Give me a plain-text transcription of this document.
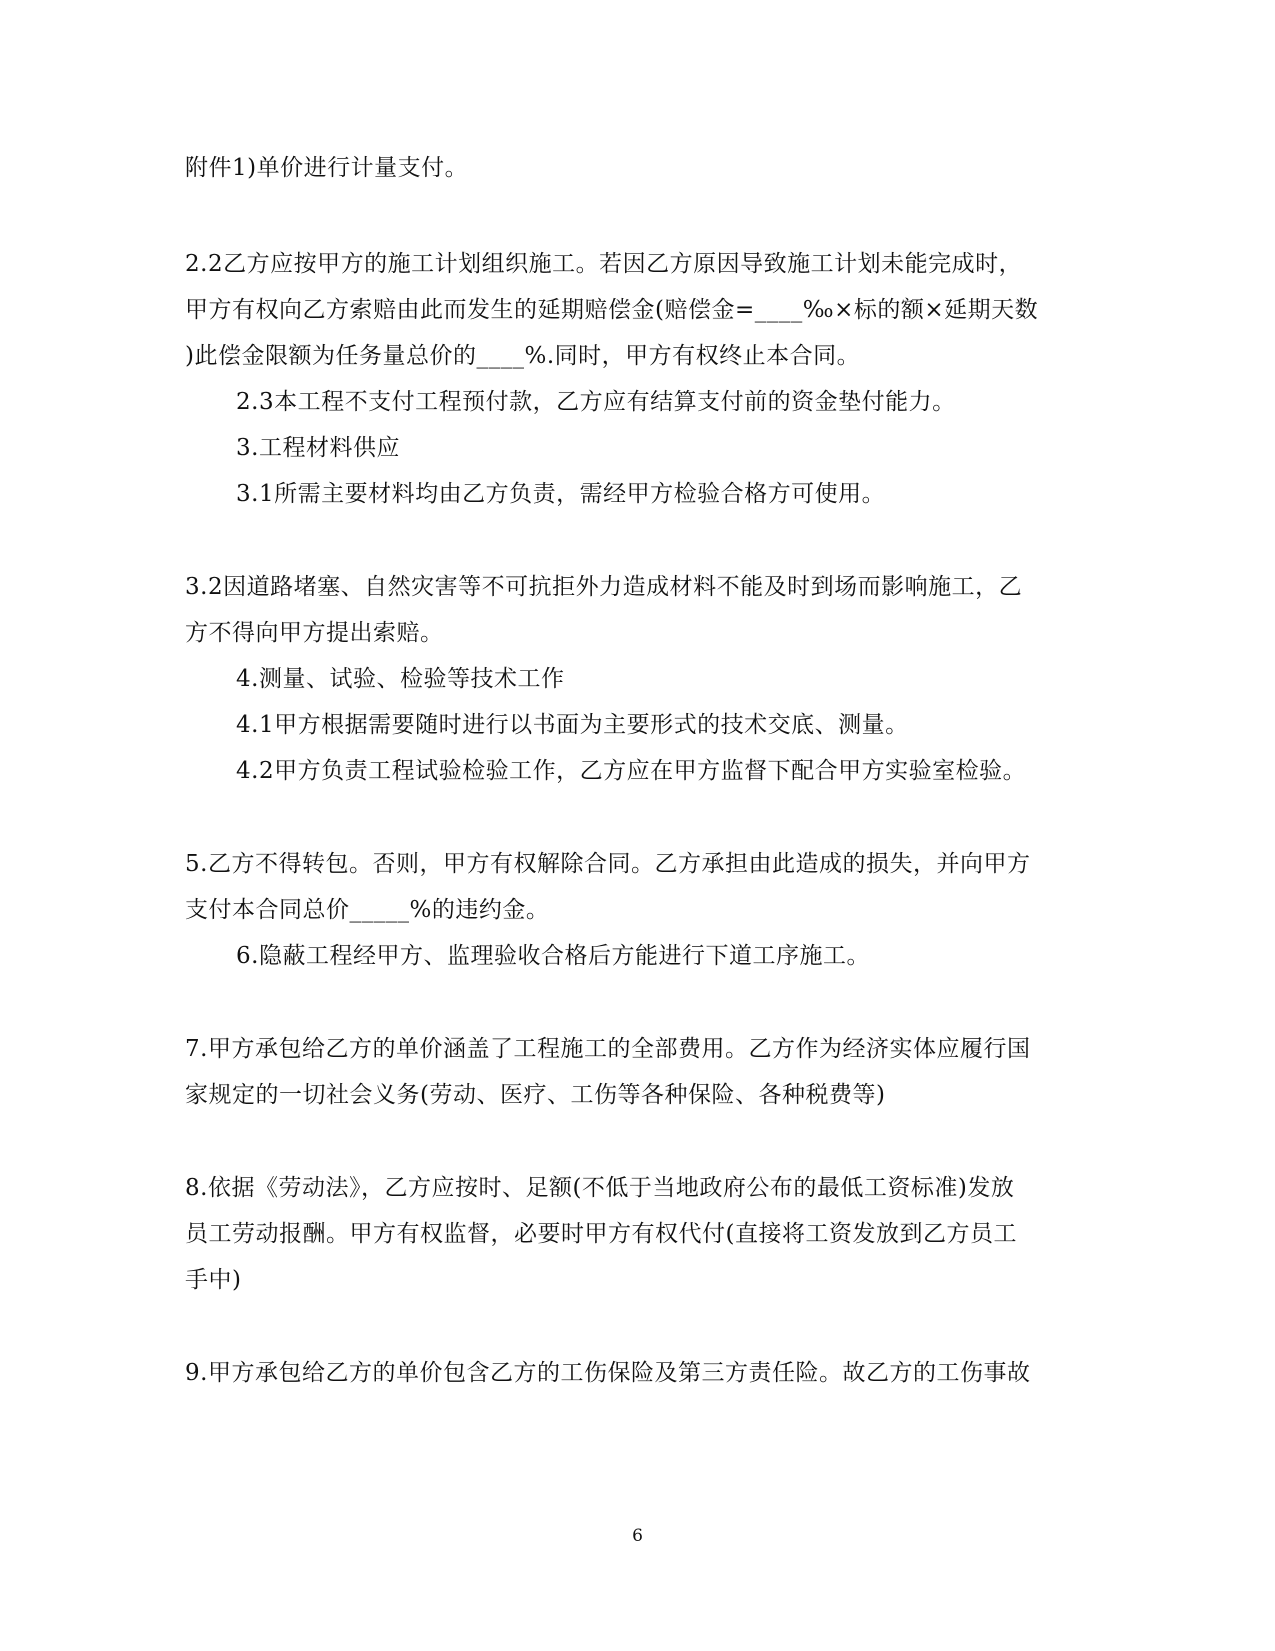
附件1)单价进行计量支付。
2.2乙方应按甲方的施工计划组织施工。若因乙方原因导致施工计划未能完成时，
甲方有权向乙方索赔由此而发生的延期赔偿金(赔偿金=____‰×标的额×延期天数
)此偿金限额为任务量总价的____%.同时，甲方有权终止本合同。
2.3本工程不支付工程预付款，乙方应有结算支付前的资金垫付能力。
3.工程材料供应
3.1所需主要材料均由乙方负责，需经甲方检验合格方可使用。
3.2因道路堵塞、自然灾害等不可抗拒外力造成材料不能及时到场而影响施工，乙
方不得向甲方提出索赔。
4.测量、试验、检验等技术工作
4.1甲方根据需要随时进行以书面为主要形式的技术交底、测量。
4.2甲方负责工程试验检验工作，乙方应在甲方监督下配合甲方实验室检验。
5.乙方不得转包。否则，甲方有权解除合同。乙方承担由此造成的损失，并向甲方
支付本合同总价_____%的违约金。
6.隐蔽工程经甲方、监理验收合格后方能进行下道工序施工。
7.甲方承包给乙方的单价涵盖了工程施工的全部费用。乙方作为经济实体应履行国
家规定的一切社会义务(劳动、医疗、工伤等各种保险、各种税费等)
8.依据《劳动法》，乙方应按时、足额(不低于当地政府公布的最低工资标准)发放
员工劳动报酬。甲方有权监督，必要时甲方有权代付(直接将工资发放到乙方员工
手中)
9.甲方承包给乙方的单价包含乙方的工伤保险及第三方责任险。故乙方的工伤事故
6
